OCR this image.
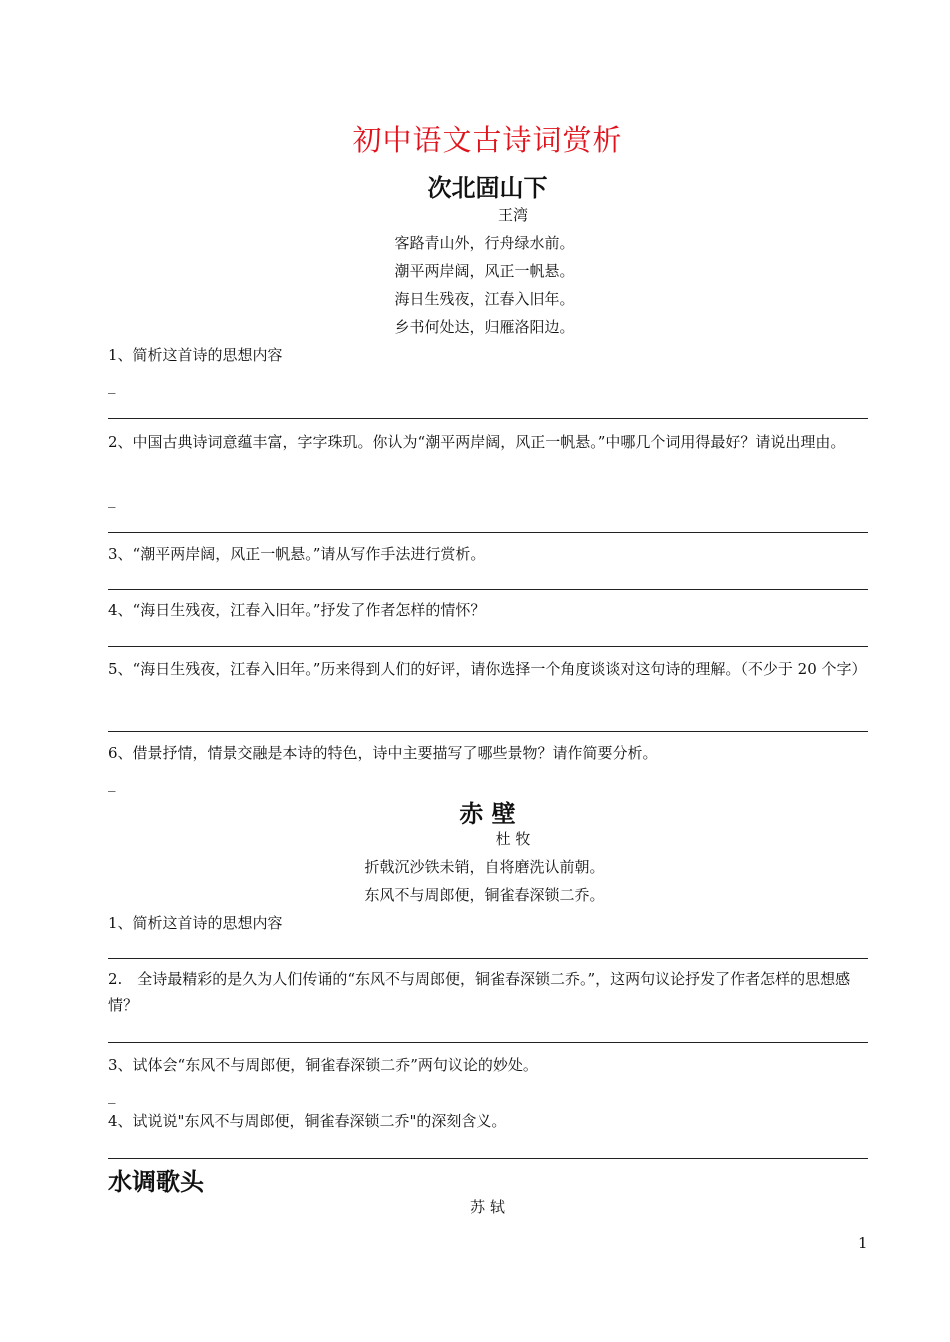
初中语文古诗词赏析
次北固山下
王湾
客路青山外，行舟绿水前。
潮平两岸阔，风正一帆悬。
海日生残夜，江春入旧年。
乡书何处达，归雁洛阳边。
1、简析这首诗的思想内容
_
2、中国古典诗词意蕴丰富，字字珠玑。你认为“潮平两岸阔，风正一帆悬。”中哪几个词用得最好？请说出理由。
_
3、“潮平两岸阔，风正一帆悬。”请从写作手法进行赏析。
4、“海日生残夜，江春入旧年。”抒发了作者怎样的情怀？
5、“海日生残夜，江春入旧年。”历来得到人们的好评，请你选择一个角度谈谈对这句诗的理解。（不少于 20 个字）
6、借景抒情，情景交融是本诗的特色，诗中主要描写了哪些景物？请作简要分析。
_
赤 壁
杜 牧
折戟沉沙铁未销，自将磨洗认前朝。
东风不与周郎便，铜雀春深锁二乔。
1、简析这首诗的思想内容
2.　全诗最精彩的是久为人们传诵的“东风不与周郎便，铜雀春深锁二乔。”，这两句议论抒发了作者怎样的思想感情？
3、试体会“东风不与周郎便，铜雀春深锁二乔”两句议论的妙处。
_
4、试说说"东风不与周郎便，铜雀春深锁二乔"的深刻含义。
水调歌头
苏 轼
1
